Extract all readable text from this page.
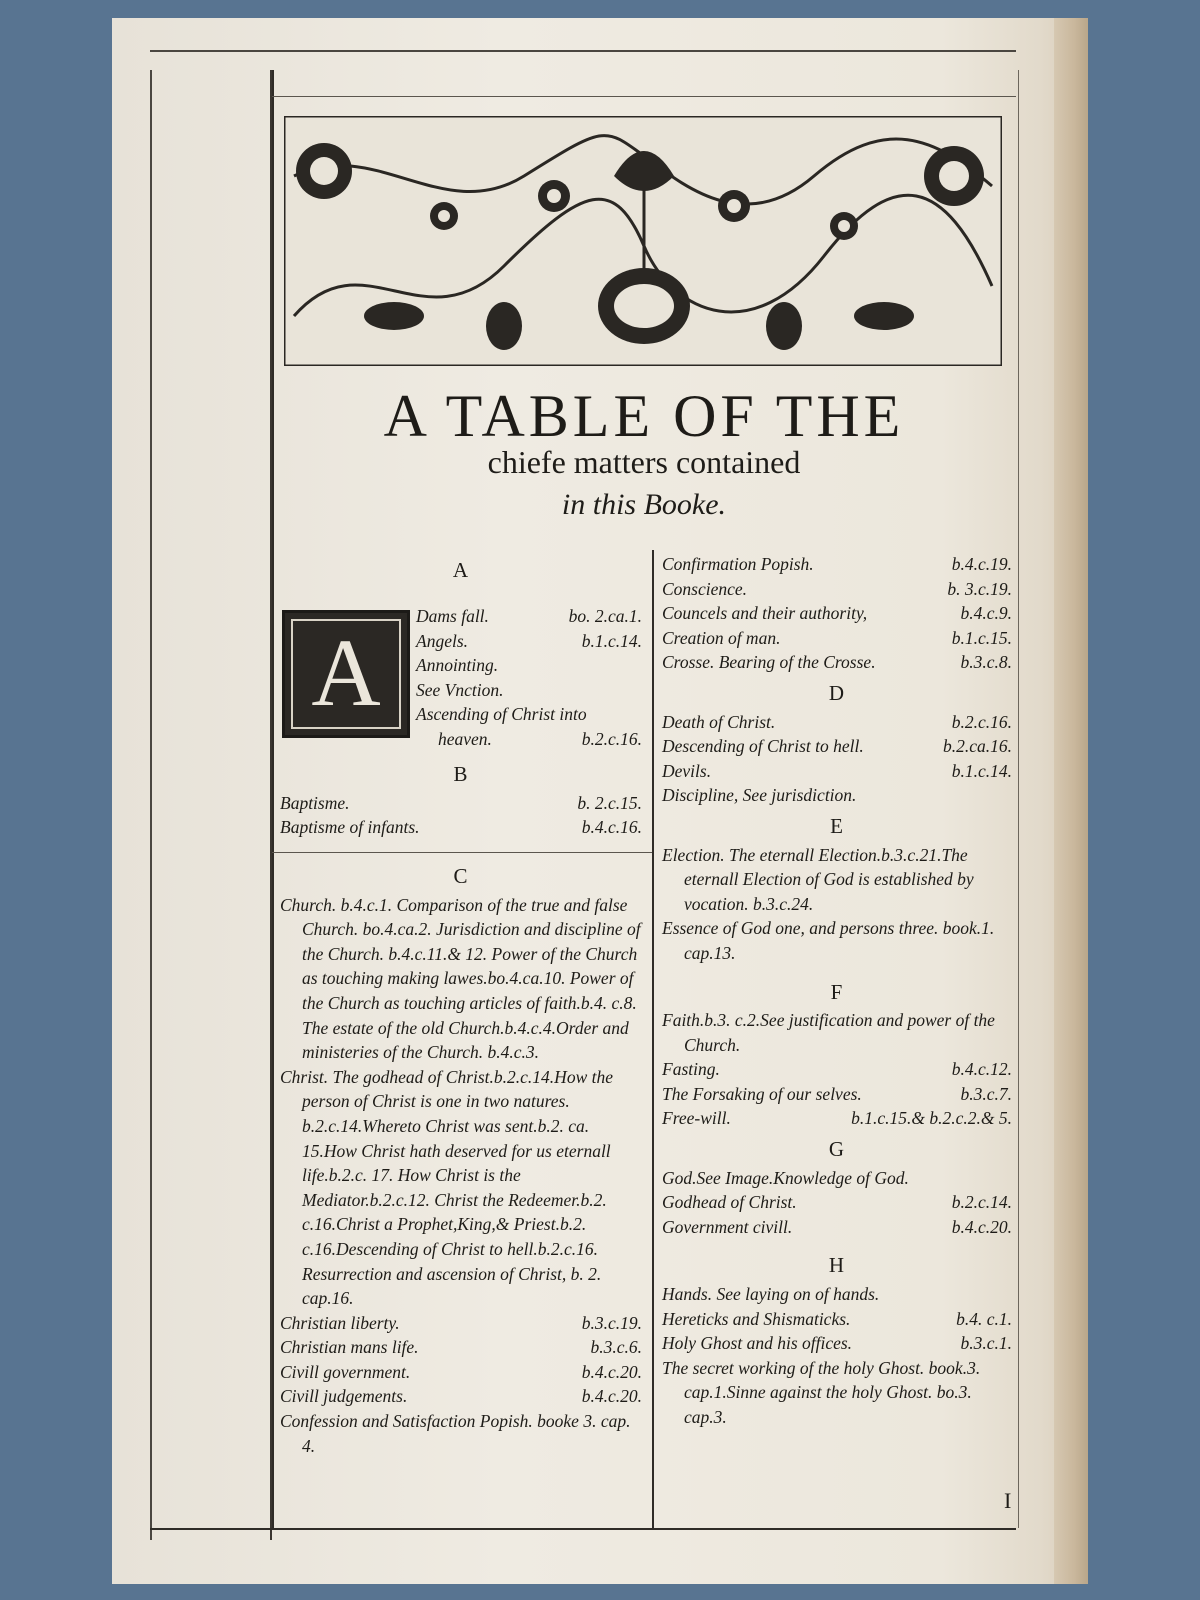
A TABLE OF THE
chiefe matters contained
in this Booke.
A
A
Dams fall.	bo. 2.ca.1.
Angels.	b.1.c.14.
Annointing.
See Vnction.
Ascending of Christ into
heaven.	b.2.c.16.
B
Baptisme.	b. 2.c.15.
Baptisme of infants.	b.4.c.16.
C
Church. b.4.c.1. Comparison of the true and false Church. bo.4.ca.2. Jurisdiction and discipline of the Church. b.4.c.11.& 12. Power of the Church as touching making lawes.bo.4.ca.10. Power of the Church as touching articles of faith.b.4. c.8. The estate of the old Church.b.4.c.4.Order and ministeries of the Church. b.4.c.3.
Christ. The godhead of Christ.b.2.c.14.How the person of Christ is one in two natures. b.2.c.14.Whereto Christ was sent.b.2. ca. 15.How Christ hath deserved for us eternall life.b.2.c. 17. How Christ is the Mediator.b.2.c.12. Christ the Redeemer.b.2. c.16.Christ a Prophet,King,& Priest.b.2. c.16.Descending of Christ to hell.b.2.c.16. Resurrection and ascension of Christ, b. 2. cap.16.
Christian liberty.	b.3.c.19.
Christian mans life.	b.3.c.6.
Civill government.	b.4.c.20.
Civill judgements.	b.4.c.20.
Confession and Satisfaction Popish. booke 3. cap. 4.
Confirmation Popish.	b.4.c.19.
Conscience.	b. 3.c.19.
Councels and their authority,	b.4.c.9.
Creation of man.	b.1.c.15.
Crosse. Bearing of the Crosse.	b.3.c.8.
D
Death of Christ.	b.2.c.16.
Descending of Christ to hell.	b.2.ca.16.
Devils.	b.1.c.14.
Discipline, See jurisdiction.
E
Election. The eternall Election.b.3.c.21.The eternall Election of God is established by vocation. b.3.c.24.
Essence of God one, and persons three. book.1. cap.13.
F
Faith.b.3. c.2.See justification and power of the Church.
Fasting.	b.4.c.12.
The Forsaking of our selves.	b.3.c.7.
Free-will.	b.1.c.15.& b.2.c.2.& 5.
G
God.See Image.Knowledge of God.
Godhead of Christ.	b.2.c.14.
Government civill.	b.4.c.20.
H
Hands. See laying on of hands.
Hereticks and Shismaticks.	b.4. c.1.
Holy Ghost and his offices.	b.3.c.1.
The secret working of the holy Ghost. book.3. cap.1.Sinne against the holy Ghost. bo.3. cap.3.
I
